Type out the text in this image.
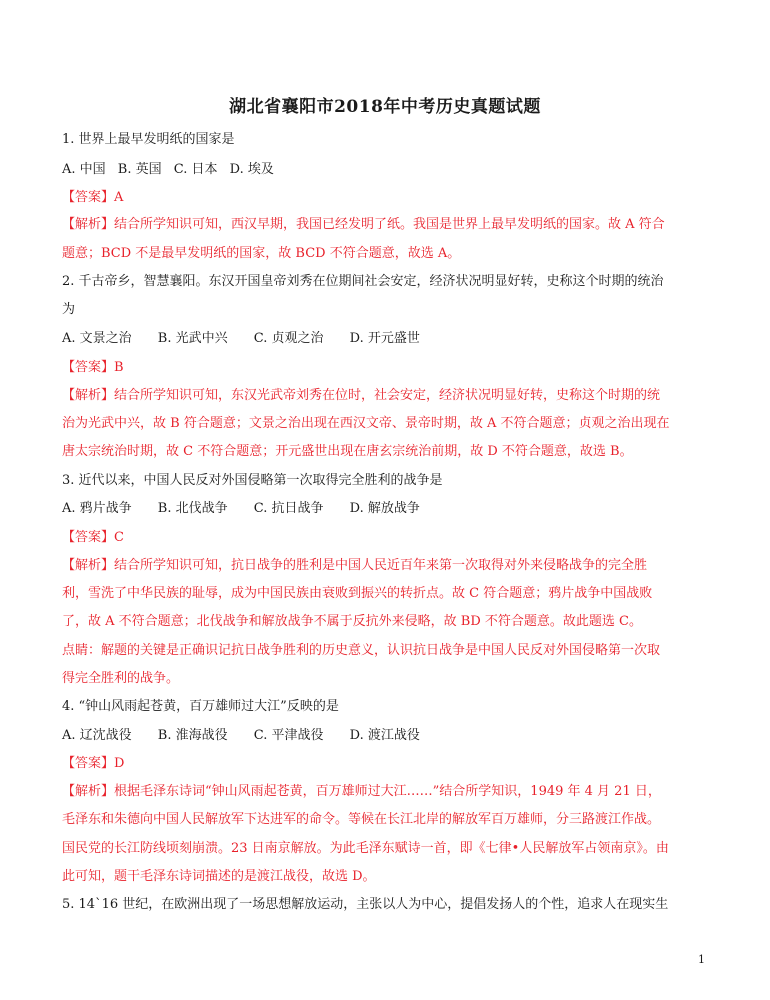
湖北省襄阳市2018年中考历史真题试题
1. 世界上最早发明纸的国家是
A. 中国 B. 英国 C. 日本 D. 埃及
【答案】A
【解析】结合所学知识可知，西汉早期，我国已经发明了纸。我国是世界上最早发明纸的国家。故 A 符合
题意；BCD 不是最早发明纸的国家，故 BCD 不符合题意，故选 A。
2. 千古帝乡，智慧襄阳。东汉开国皇帝刘秀在位期间社会安定，经济状况明显好转，史称这个时期的统治
为
A. 文景之治 B. 光武中兴 C. 贞观之治 D. 开元盛世
【答案】B
【解析】结合所学知识可知，东汉光武帝刘秀在位时，社会安定，经济状况明显好转，史称这个时期的统
治为光武中兴，故 B 符合题意；文景之治出现在西汉文帝、景帝时期，故 A 不符合题意；贞观之治出现在
唐太宗统治时期，故 C 不符合题意；开元盛世出现在唐玄宗统治前期，故 D 不符合题意，故选 B。
3. 近代以来，中国人民反对外国侵略第一次取得完全胜利的战争是
A. 鸦片战争 B. 北伐战争 C. 抗日战争 D. 解放战争
【答案】C
【解析】结合所学知识可知，抗日战争的胜利是中国人民近百年来第一次取得对外来侵略战争的完全胜
利，雪洗了中华民族的耻辱，成为中国民族由衰败到振兴的转折点。故 C 符合题意；鸦片战争中国战败
了，故 A 不符合题意；北伐战争和解放战争不属于反抗外来侵略，故 BD 不符合题意。故此题选 C。
点睛：解题的关键是正确识记抗日战争胜利的历史意义，认识抗日战争是中国人民反对外国侵略第一次取
得完全胜利的战争。
4. “钟山风雨起苍黄，百万雄师过大江”反映的是
A. 辽沈战役 B. 淮海战役 C. 平津战役 D. 渡江战役
【答案】D
【解析】根据毛泽东诗词“钟山风雨起苍黄，百万雄师过大江……”结合所学知识，1949 年 4 月 21 日，
毛泽东和朱德向中国人民解放军下达进军的命令。等候在长江北岸的解放军百万雄师，分三路渡江作战。
国民党的长江防线顷刻崩溃。23 日南京解放。为此毛泽东赋诗一首，即《七律•人民解放军占领南京》。由
此可知，题干毛泽东诗词描述的是渡江战役，故选 D。
5. 14`16 世纪，在欧洲出现了一场思想解放运动，主张以人为中心，提倡发扬人的个性，追求人在现实生
1
